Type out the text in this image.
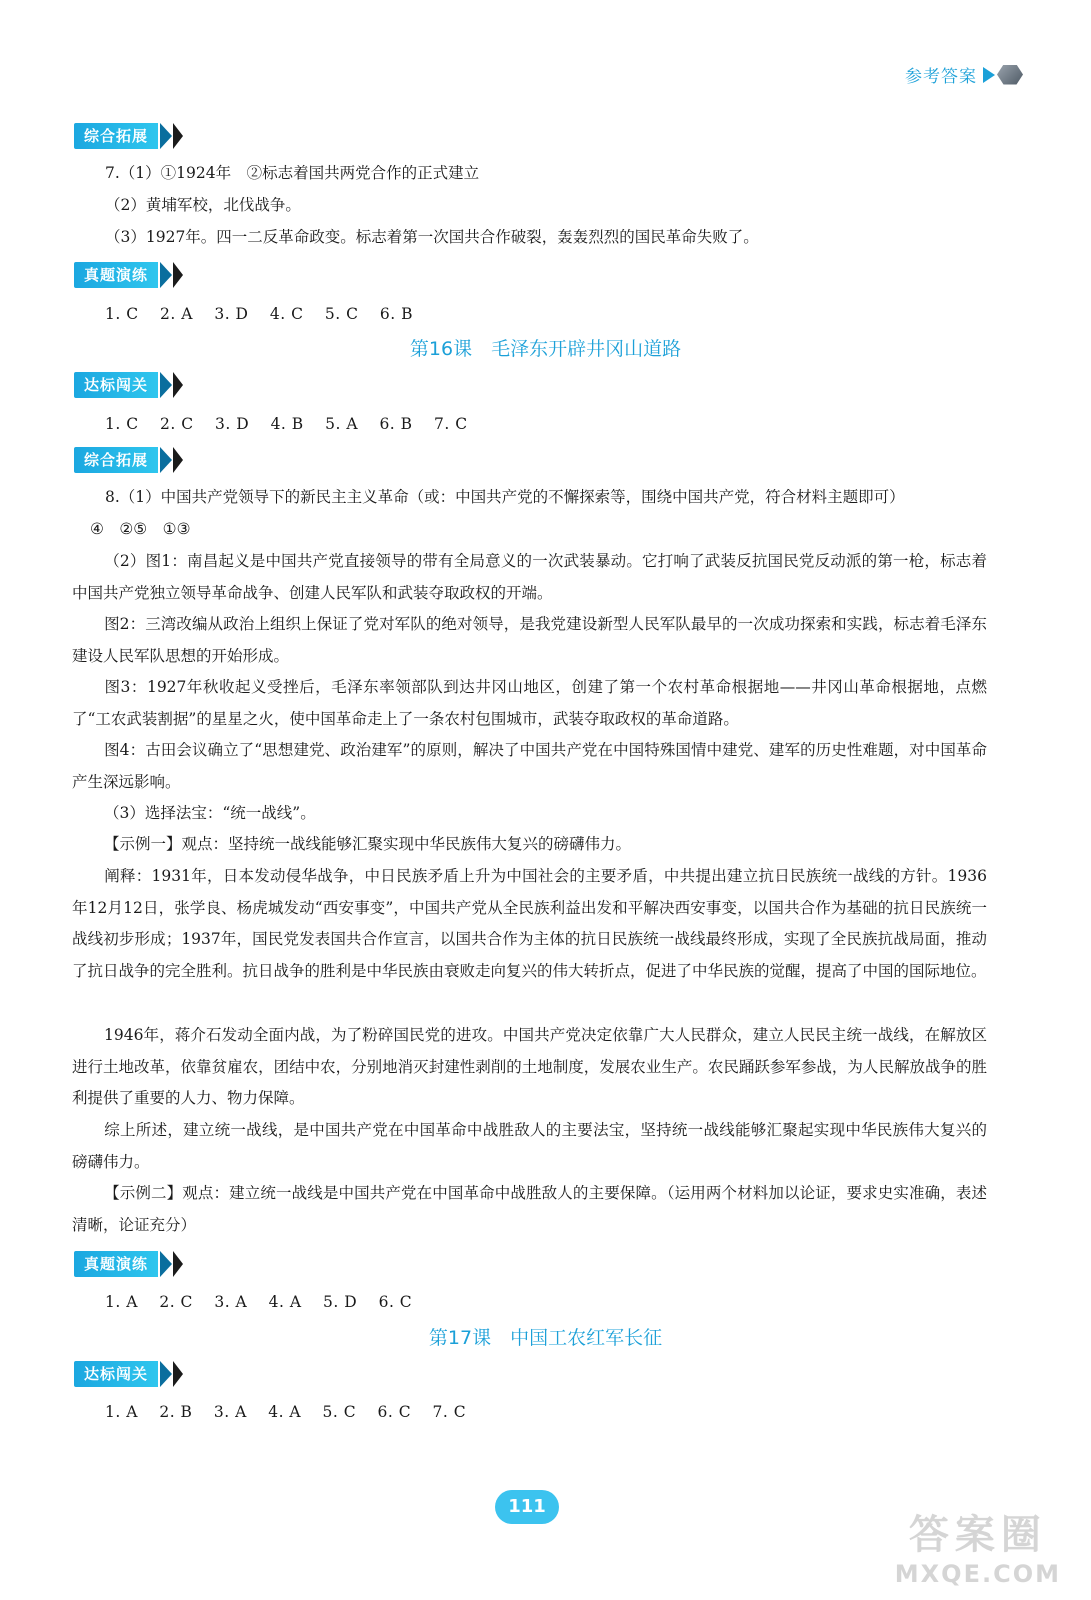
参考答案
综合拓展
7.（1）①1924年　②标志着国共两党合作的正式建立
（2）黄埔军校，北伐战争。
（3）1927年。四一二反革命政变。标志着第一次国共合作破裂，轰轰烈烈的国民革命失败了。
真题演练
1. C　 2. A　 3. D　 4. C　 5. C　 6. B
第16课　毛泽东开辟井冈山道路
达标闯关
1. C　 2. C　 3. D　 4. B　 5. A　 6. B　 7. C
综合拓展
8.（1）中国共产党领导下的新民主主义革命（或：中国共产党的不懈探索等，围绕中国共产党，符合材料主题即可）
④　②⑤　①③
（2）图1：南昌起义是中国共产党直接领导的带有全局意义的一次武装暴动。它打响了武装反抗国民党反动派的第一枪，标志着中国共产党独立领导革命战争、创建人民军队和武装夺取政权的开端。
图2：三湾改编从政治上组织上保证了党对军队的绝对领导，是我党建设新型人民军队最早的一次成功探索和实践，标志着毛泽东建设人民军队思想的开始形成。
图3：1927年秋收起义受挫后，毛泽东率领部队到达井冈山地区，创建了第一个农村革命根据地——井冈山革命根据地，点燃了“工农武装割据”的星星之火，使中国革命走上了一条农村包围城市，武装夺取政权的革命道路。
图4：古田会议确立了“思想建党、政治建军”的原则，解决了中国共产党在中国特殊国情中建党、建军的历史性难题，对中国革命产生深远影响。
（3）选择法宝：“统一战线”。
【示例一】观点：坚持统一战线能够汇聚实现中华民族伟大复兴的磅礴伟力。
阐释：1931年，日本发动侵华战争，中日民族矛盾上升为中国社会的主要矛盾，中共提出建立抗日民族统一战线的方针。1936年12月12日，张学良、杨虎城发动“西安事变”，中国共产党从全民族利益出发和平解决西安事变，以国共合作为基础的抗日民族统一战线初步形成；1937年，国民党发表国共合作宣言，以国共合作为主体的抗日民族统一战线最终形成，实现了全民族抗战局面，推动了抗日战争的完全胜利。抗日战争的胜利是中华民族由衰败走向复兴的伟大转折点，促进了中华民族的觉醒，提高了中国的国际地位。
1946年，蒋介石发动全面内战，为了粉碎国民党的进攻。中国共产党决定依靠广大人民群众，建立人民民主统一战线，在解放区进行土地改革，依靠贫雇农，团结中农，分别地消灭封建性剥削的土地制度，发展农业生产。农民踊跃参军参战，为人民解放战争的胜利提供了重要的人力、物力保障。
综上所述，建立统一战线，是中国共产党在中国革命中战胜敌人的主要法宝，坚持统一战线能够汇聚起实现中华民族伟大复兴的磅礴伟力。
【示例二】观点：建立统一战线是中国共产党在中国革命中战胜敌人的主要保障。（运用两个材料加以论证，要求史实准确，表述清晰，论证充分）
真题演练
1. A　 2. C　 3. A　 4. A　 5. D　 6. C
第17课　中国工农红军长征
达标闯关
1. A　 2. B　 3. A　 4. A　 5. C　 6. C　 7. C
111
答案圈
MXQE.COM
